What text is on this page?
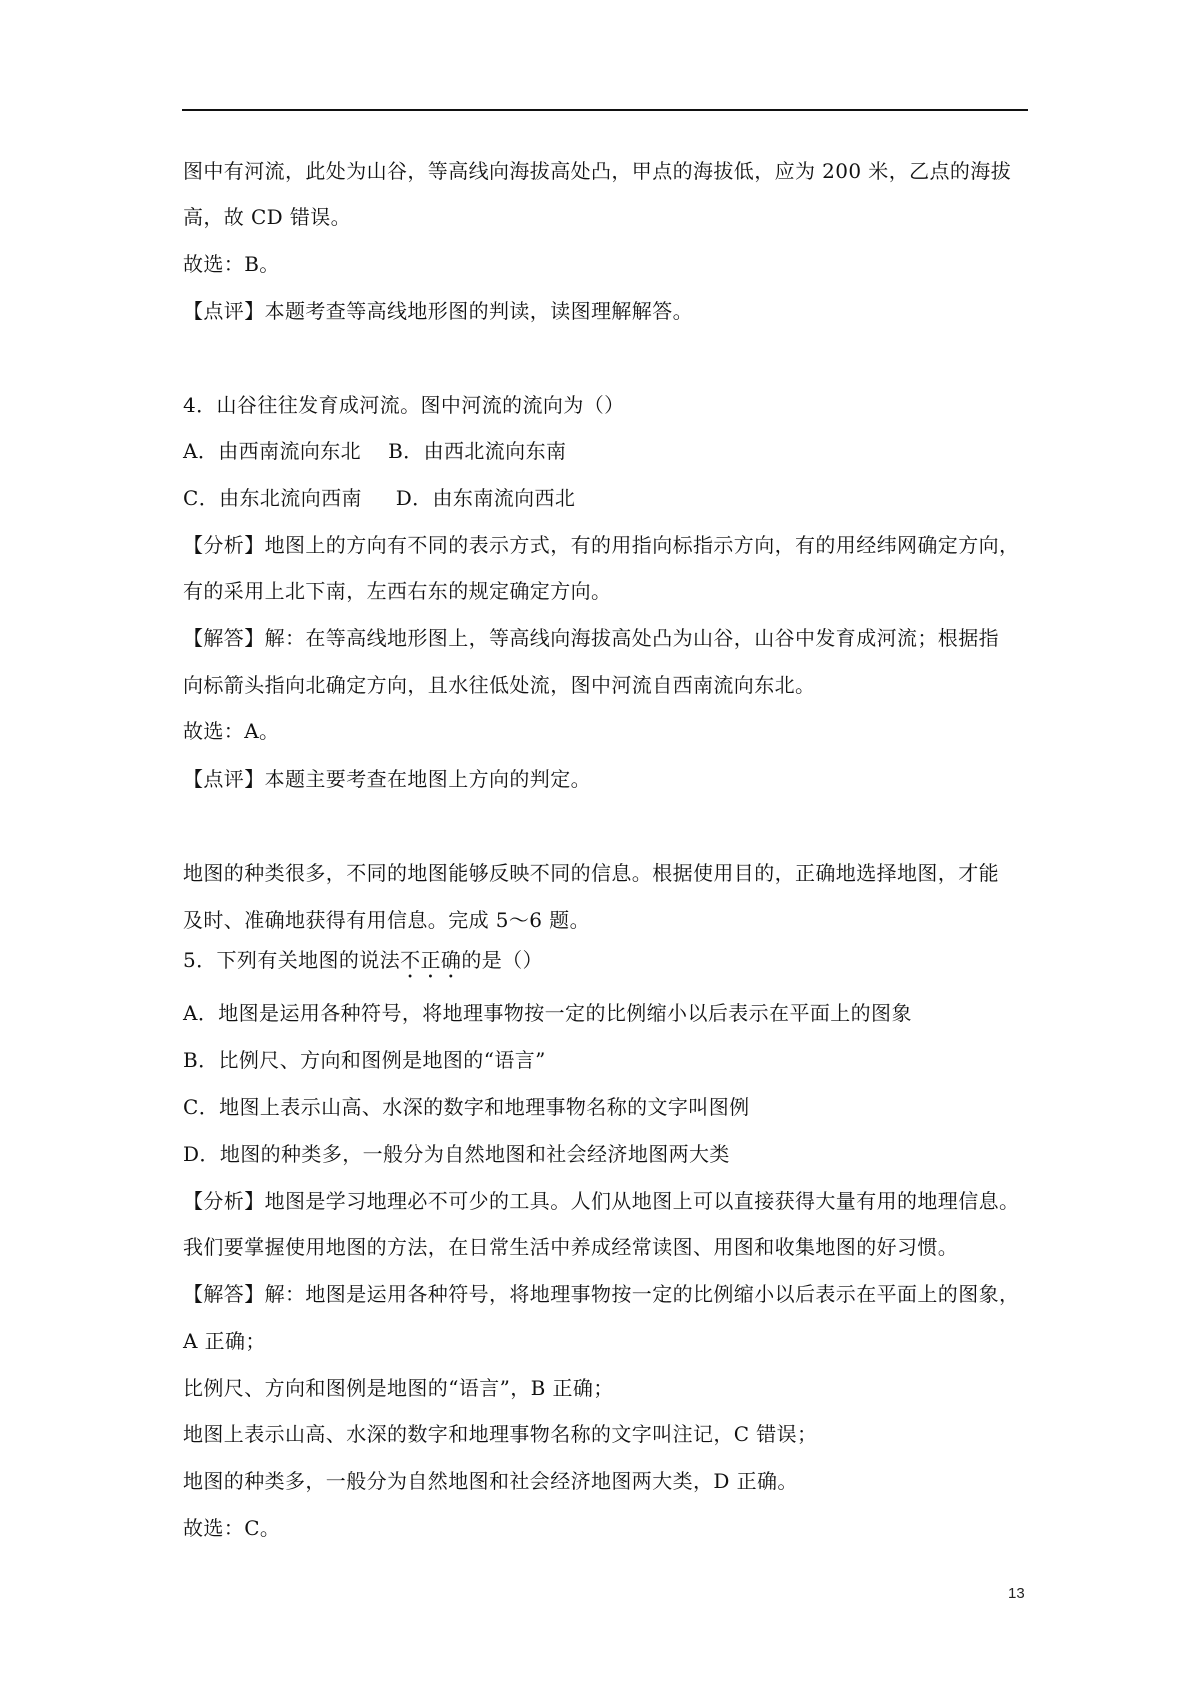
图中有河流，此处为山谷，等高线向海拔高处凸，甲点的海拔低，应为 200 米，乙点的海拔
高，故 CD 错误。
故选：B。
【点评】本题考查等高线地形图的判读，读图理解解答。
4．山谷往往发育成河流。图中河流的流向为（）
A．由西南流向东北    B．由西北流向东南
C．由东北流向西南     D．由东南流向西北
【分析】地图上的方向有不同的表示方式，有的用指向标指示方向，有的用经纬网确定方向，
有的采用上北下南，左西右东的规定确定方向。
【解答】解：在等高线地形图上，等高线向海拔高处凸为山谷，山谷中发育成河流；根据指
向标箭头指向北确定方向，且水往低处流，图中河流自西南流向东北。
故选：A。
【点评】本题主要考查在地图上方向的判定。
地图的种类很多，不同的地图能够反映不同的信息。根据使用目的，正确地选择地图，才能
及时、准确地获得有用信息。完成 5～6 题。
5．下列有关地图的说法不正确的是（）
A．地图是运用各种符号，将地理事物按一定的比例缩小以后表示在平面上的图象
B．比例尺、方向和图例是地图的“语言”
C．地图上表示山高、水深的数字和地理事物名称的文字叫图例
D．地图的种类多，一般分为自然地图和社会经济地图两大类
【分析】地图是学习地理必不可少的工具。人们从地图上可以直接获得大量有用的地理信息。
我们要掌握使用地图的方法，在日常生活中养成经常读图、用图和收集地图的好习惯。
【解答】解：地图是运用各种符号，将地理事物按一定的比例缩小以后表示在平面上的图象，
A 正确；
比例尺、方向和图例是地图的“语言”，B 正确；
地图上表示山高、水深的数字和地理事物名称的文字叫注记，C 错误；
地图的种类多，一般分为自然地图和社会经济地图两大类，D 正确。
故选：C。
13
